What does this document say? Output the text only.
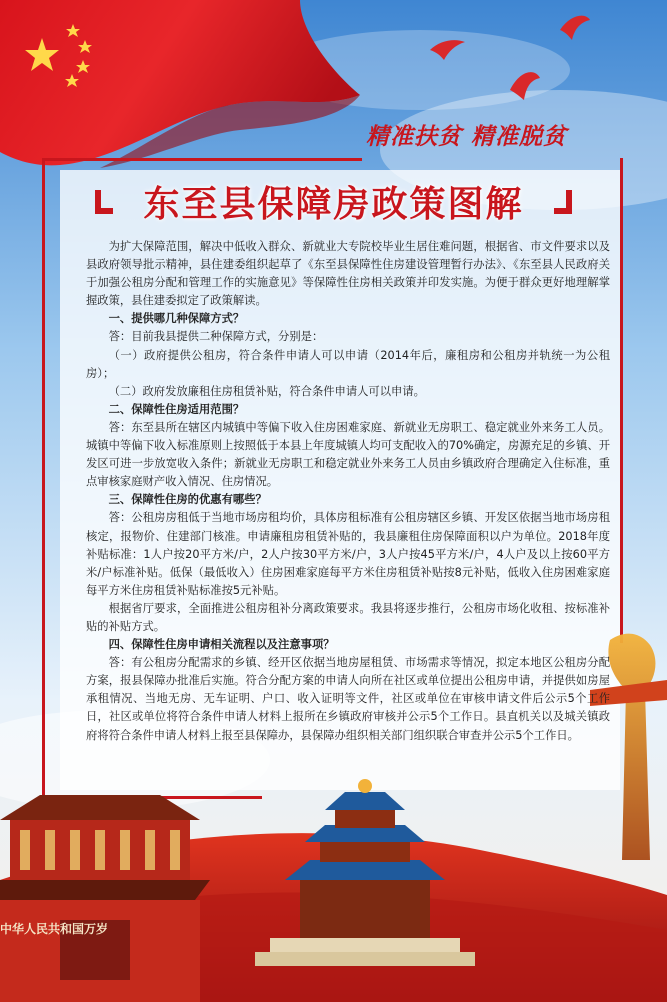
精准扶贫 精准脱贫
东至县保障房政策图解

为扩大保障范围，解决中低收入群众、新就业大专院校毕业生居住难问题，根据省、市文件要求以及县政府领导批示精神，县住建委组织起草了《东至县保障性住房建设管理暂行办法》、《东至县人民政府关于加强公租房分配和管理工作的实施意见》等保障性住房相关政策并印发实施。为便于群众更好地理解掌握政策，县住建委拟定了政策解读。

一、提供哪几种保障方式？

答：目前我县提供二种保障方式，分别是：

（一）政府提供公租房，符合条件申请人可以申请（2014年后，廉租房和公租房并轨统一为公租房）；

（二）政府发放廉租住房租赁补贴，符合条件申请人可以申请。

二、保障性住房适用范围？

答：东至县所在辖区内城镇中等偏下收入住房困难家庭、新就业无房职工、稳定就业外来务工人员。城镇中等偏下收入标准原则上按照低于本县上年度城镇人均可支配收入的70%确定，房源充足的乡镇、开发区可进一步放宽收入条件；新就业无房职工和稳定就业外来务工人员由乡镇政府合理确定入住标准，重点审核家庭财产收入情况、住房情况。

三、保障性住房的优惠有哪些？

答：公租房房租低于当地市场房租均价，具体房租标准有公租房辖区乡镇、开发区依据当地市场房租核定，报物价、住建部门核准。申请廉租房租赁补贴的，我县廉租住房保障面积以户为单位。2018年度补贴标准：1人户按20平方米/户，2人户按30平方米/户，3人户按45平方米/户，4人户及以上按60平方米/户标准补贴。低保（最低收入）住房困难家庭每平方米住房租赁补贴按8元补贴，低收入住房困难家庭每平方米住房租赁补贴标准按5元补贴。

根据省厅要求，全面推进公租房租补分离政策要求。我县将逐步推行，公租房市场化收租、按标准补贴的补贴方式。

四、保障性住房申请相关流程以及注意事项？

答：有公租房分配需求的乡镇、经开区依据当地房屋租赁、市场需求等情况，拟定本地区公租房分配方案，报县保障办批准后实施。符合分配方案的申请人向所在社区或单位提出公租房申请，并提供如房屋承租情况、当地无房、无车证明、户口、收入证明等文件，社区或单位在审核申请文件后公示5个工作日，社区或单位将符合条件申请人材料上报所在乡镇政府审核并公示5个工作日。县直机关以及城关镇政府将符合条件申请人材料上报至县保障办，县保障办组织相关部门组织联合审查并公示5个工作日。

中华人民共和国万岁
